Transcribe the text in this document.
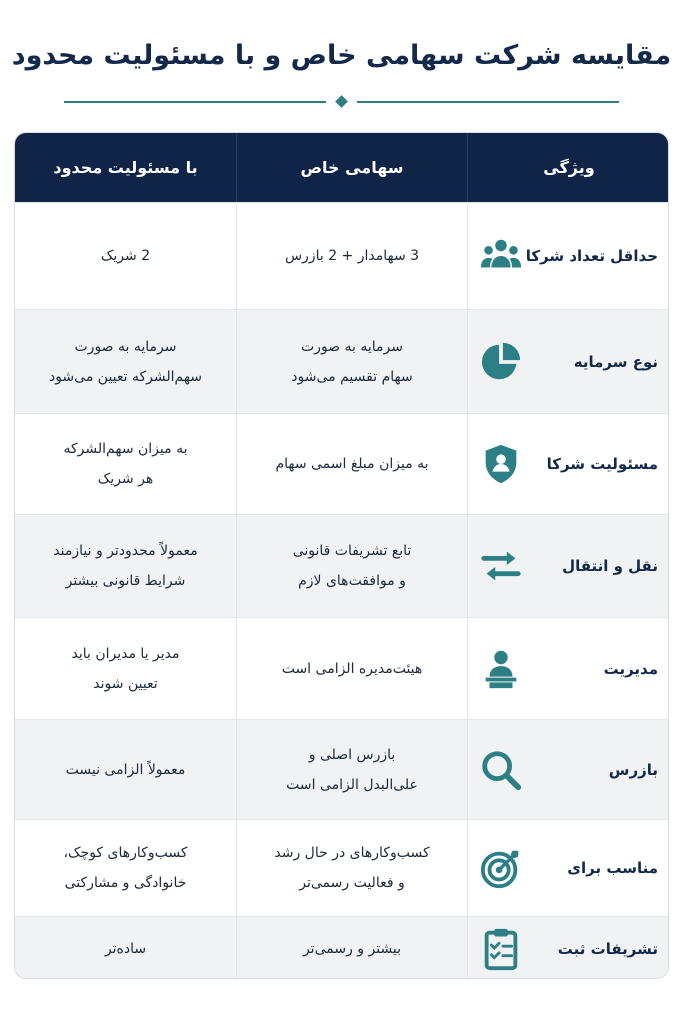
مقایسه شرکت سهامی خاص و با مسئولیت محدود
ویژگی
سهامی خاص
با مسئولیت محدود
حداقل تعداد شرکا
3 سهامدار + 2 بازرس
2 شریک
نوع سرمایه
سرمایه به صورت
سهام تقسیم می‌شود
سرمایه به صورت
سهم‌الشرکه تعیین می‌شود
مسئولیت شرکا
به میزان مبلغ اسمی سهام
به میزان سهم‌الشرکه
هر شریک
نقل و انتقال
تابع تشریفات قانونی
و موافقت‌های لازم
معمولاً محدودتر و نیازمند
شرایط قانونی بیشتر
مدیریت
هیئت‌مدیره الزامی است
مدیر یا مدیران باید
تعیین شوند
بازرس
بازرس اصلی و
علی‌البدل الزامی است
معمولاً الزامی نیست
مناسب برای
کسب‌وکارهای در حال رشد
و فعالیت رسمی‌تر
کسب‌وکارهای کوچک،
خانوادگی و مشارکتی
تشریفات ثبت
بیشتر و رسمی‌تر
ساده‌تر
